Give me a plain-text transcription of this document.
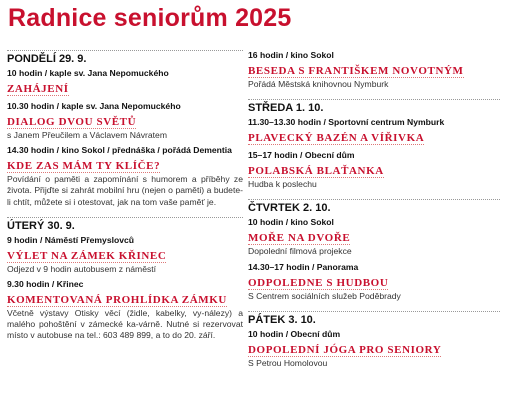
Radnice seniorům 2025
PONDĚLÍ 29. 9.
10 hodin / kaple sv. Jana Nepomuckého
ZAHÁJENÍ
10.30 hodin / kaple sv. Jana Nepomuckého
DIALOG DVOU SVĚTŮ
s Janem Přeučilem a Václavem Návratem
14.30 hodin / kino Sokol / přednáška / pořádá Dementia
KDE ZAS MÁM TY KLÍČE?
Povídání o paměti a zapomínání s humorem a příběhy ze života. Přijďte si zahrát mobilní hru (nejen o paměti) a budete-li chtít, můžete si i otestovat, jak na tom vaše paměť je.
ÚTERÝ 30. 9.
9 hodin / Náměstí Přemyslovců
VÝLET NA ZÁMEK KŘINEC
Odjezd v 9 hodin autobusem z náměstí
9.30 hodin / Křinec
KOMENTOVANÁ PROHLÍDKA ZÁMKU
Včetně výstavy Otisky věcí (židle, kabelky, vy-nálezy) a malého pohoštění v zámecké ka-várně. Nutné si rezervovat místo v autobuse na tel.: 603 489 899, a to do 20. září.
16 hodin / kino Sokol
BESEDA S FRANTIŠKEM NOVOTNÝM
Pořádá Městská knihovnou Nymburk
STŘEDA 1. 10.
11.30–13.30 hodin / Sportovní centrum Nymburk
PLAVECKÝ BAZÉN A VÍŘIVKA
15–17 hodin / Obecní dům
POLABSKÁ BLAŤANKA
Hudba k poslechu
ČTVRTEK 2. 10.
10 hodin / kino Sokol
MOŘE NA DVOŘE
Dopolední filmová projekce
14.30–17 hodin / Panorama
ODPOLEDNE S HUDBOU
S Centrem sociálních služeb Poděbrady
PÁTEK 3. 10.
10 hodin / Obecní dům
DOPOLEDNÍ JÓGA PRO SENIORY
S Petrou Homolovou
